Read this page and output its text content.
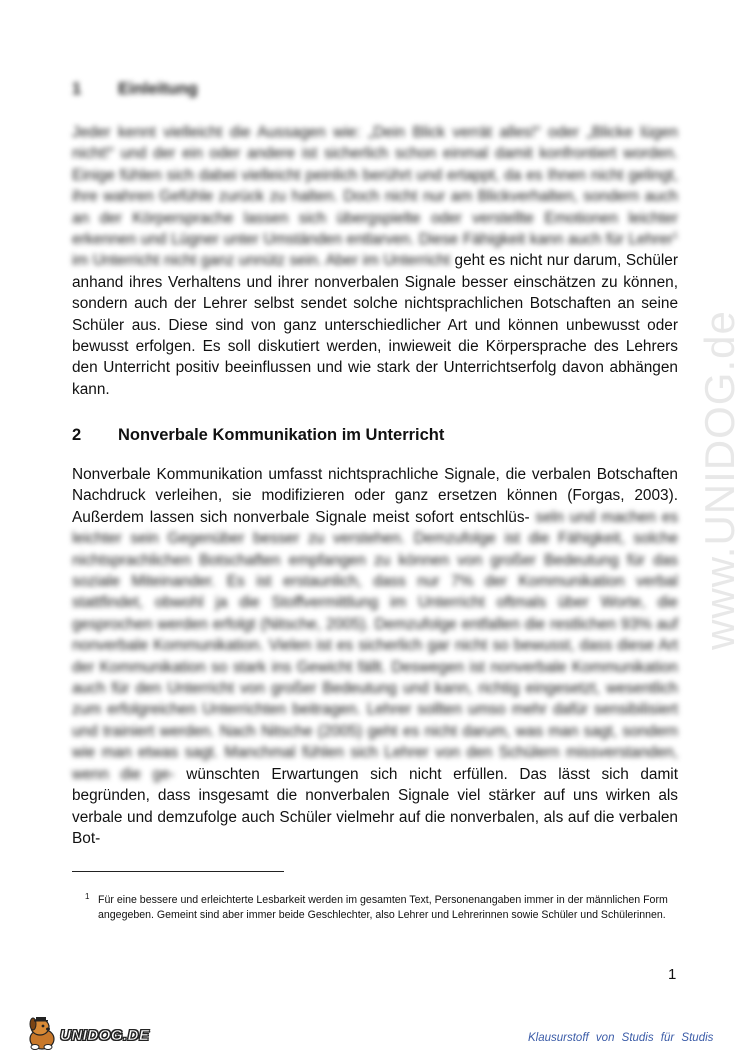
www.UNIDOG.de
1 Einleitung
Jeder kennt vielleicht die Aussagen wie: „Dein Blick verrät alles!“ oder „Blicke lügen nicht!“ und der ein oder andere ist sicherlich schon einmal damit konfrontiert worden. Einige fühlen sich dabei vielleicht peinlich berührt und ertappt, da es Ihnen nicht gelingt, ihre wahren Gefühle zurück zu halten. Doch nicht nur am Blickverhalten, sondern auch an der Körpersprache lassen sich übergspielte oder verstellte Emotionen leichter erkennen und Lügner unter Umständen entlarven. Diese Fähigkeit kann auch für Lehrer$^1$ im Unterricht nicht ganz unnütz sein. Aber im Unterricht geht es nicht nur darum, Schüler anhand ihres Verhaltens und ihrer nonverbalen Signale besser einschätzen zu können, sondern auch der Lehrer selbst sendet solche nichtsprachlichen Botschaften an seine Schüler aus. Diese sind von ganz unterschiedlicher Art und können unbewusst oder bewusst erfolgen. Es soll diskutiert werden, inwieweit die Körpersprache des Lehrers den Unterricht positiv beeinflussen und wie stark der Unterrichtserfolg davon abhängen kann.
2 Nonverbale Kommunikation im Unterricht
Nonverbale Kommunikation umfasst nichtsprachliche Signale, die verbalen Botschaften Nachdruck verleihen, sie modifizieren oder ganz ersetzen können (Forgas, 2003). Außerdem lassen sich nonverbale Signale meist sofort entschlüs- seln und machen es leichter sein Gegenüber besser zu verstehen. Demzufolge ist die Fähigkeit, solche nichtsprachlichen Botschaften empfangen zu können von großer Bedeutung für das soziale Miteinander. Es ist erstaunlich, dass nur 7% der Kommunikation verbal stattfindet, obwohl ja die Stoffvermittlung im Unterricht oftmals über Worte, die gesprochen werden erfolgt (Nitsche, 2005). Demzufolge entfallen die restlichen 93% auf nonverbale Kommunikation. Vielen ist es sicherlich gar nicht so bewusst, dass diese Art der Kommunikation so stark ins Gewicht fällt. Deswegen ist nonverbale Kommunikation auch für den Unterricht von großer Bedeutung und kann, richtig eingesetzt, wesentlich zum erfolgreichen Unterrichten beitragen. Lehrer sollten umso mehr dafür sensibilisiert und trainiert werden. Nach Nitsche (2005) geht es nicht darum, was man sagt, sondern wie man etwas sagt. Manchmal fühlen sich Lehrer von den Schülern missverstanden, wenn die ge- wünschten Erwartungen sich nicht erfüllen. Das lässt sich damit begründen, dass insgesamt die nonverbalen Signale viel stärker auf uns wirken als verbale und demzufolge auch Schüler vielmehr auf die nonverbalen, als auf die verbalen Bot-
1 Für eine bessere und erleichterte Lesbarkeit werden im gesamten Text, Personenangaben immer in der männlichen Form angegeben. Gemeint sind aber immer beide Geschlechter, also Lehrer und Lehrerinnen sowie Schüler und Schülerinnen.
1
UNIDOG.DE	Klausurstoff von Studis für Studis
